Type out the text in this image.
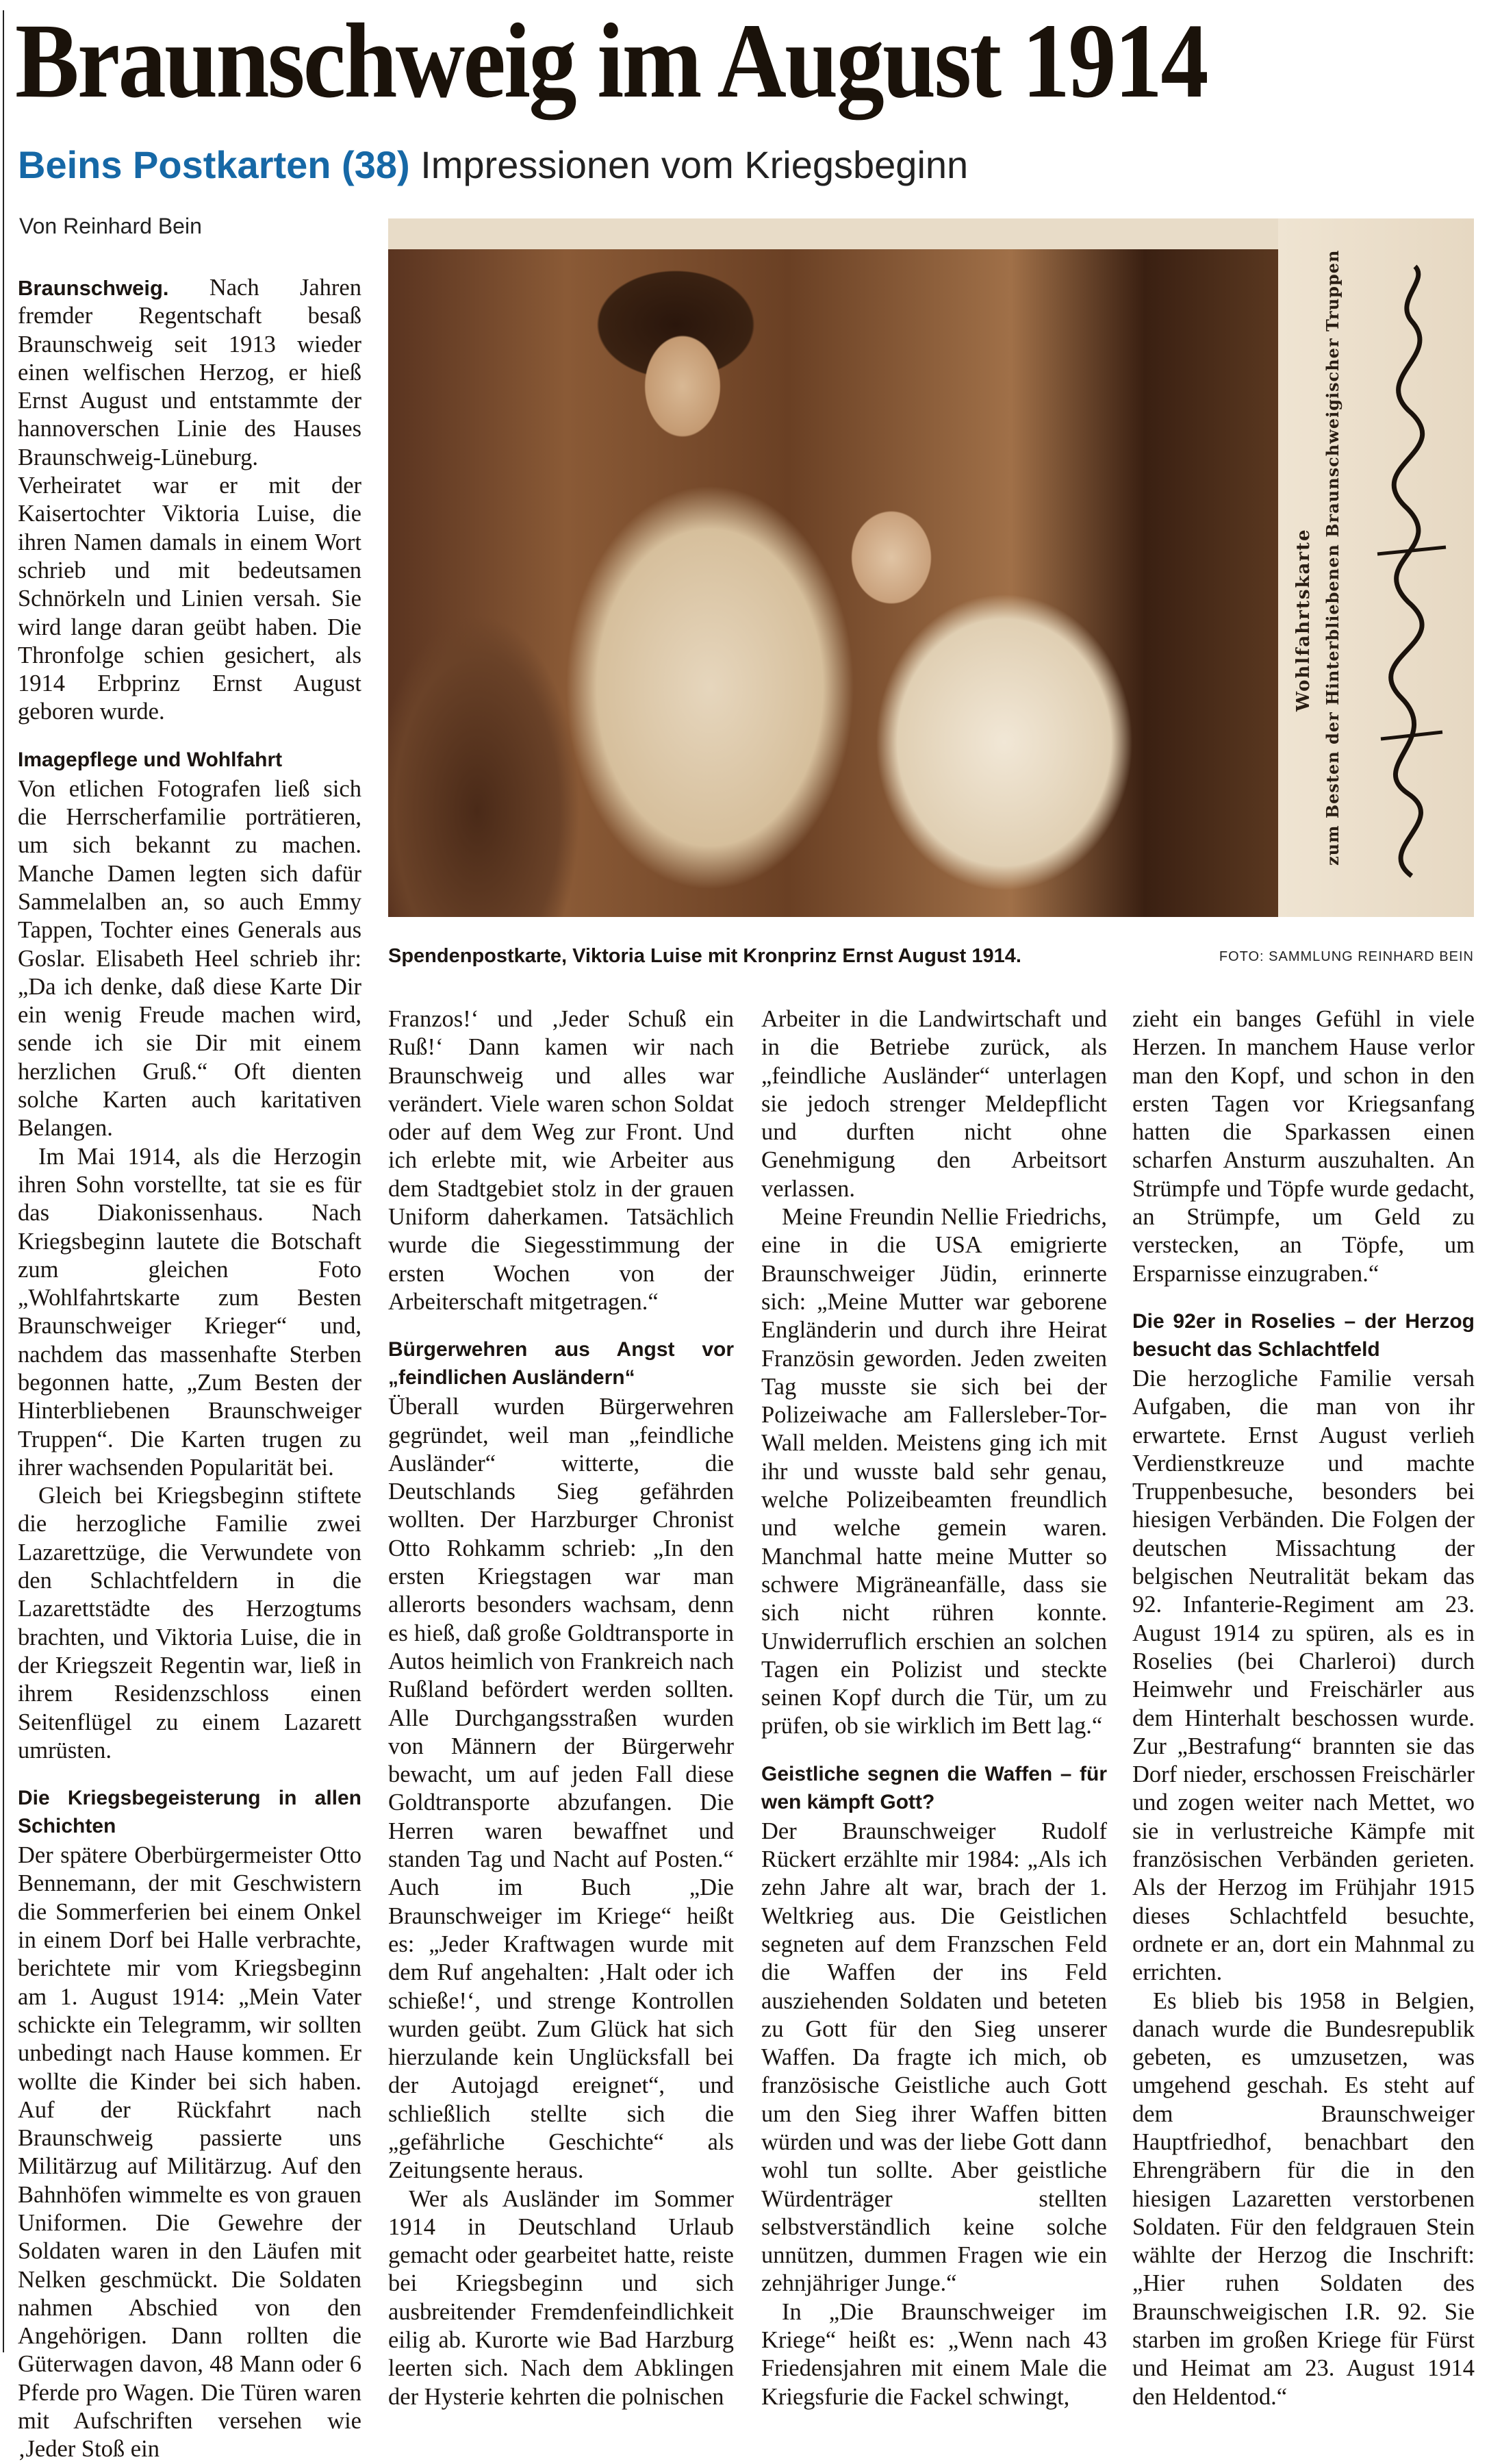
Braunschweig im August 1914
Beins Postkarten (38) Impressionen vom Kriegsbeginn
Von Reinhard Bein
Wohlfahrtskarte zum Besten der Hinterbliebenen Braunschweigischer Truppen
Spendenpostkarte, Viktoria Luise mit Kronprinz Ernst August 1914.	FOTO: SAMMLUNG REINHARD BEIN

Braunschweig. Nach Jahren fremder Regentschaft besaß Braunschweig seit 1913 wieder einen welfischen Herzog, er hieß Ernst August und entstammte der hannoverschen Linie des Hauses Braunschweig-Lüneburg. Verheiratet war er mit der Kaisertochter Viktoria Luise, die ihren Namen damals in einem Wort schrieb und mit bedeutsamen Schnörkeln und Linien versah. Sie wird lange daran geübt haben. Die Thronfolge schien gesichert, als 1914 Erbprinz Ernst August geboren wurde.

Imagepflege und Wohlfahrt

Von etlichen Fotografen ließ sich die Herrscherfamilie porträtieren, um sich bekannt zu machen. Manche Damen legten sich dafür Sammelalben an, so auch Emmy Tappen, Tochter eines Generals aus Goslar. Elisabeth Heel schrieb ihr: „Da ich denke, daß diese Karte Dir ein wenig Freude machen wird, sende ich sie Dir mit einem herzlichen Gruß.“ Oft dienten solche Karten auch karitativen Belangen.

Im Mai 1914, als die Herzogin ihren Sohn vorstellte, tat sie es für das Diakonissenhaus. Nach Kriegsbeginn lautete die Botschaft zum gleichen Foto „Wohlfahrtskarte zum Besten Braunschweiger Krieger“ und, nachdem das massenhafte Sterben begonnen hatte, „Zum Besten der Hinterbliebenen Braunschweiger Truppen“. Die Karten trugen zu ihrer wachsenden Popularität bei.

Gleich bei Kriegsbeginn stiftete die herzogliche Familie zwei Lazarettzüge, die Verwundete von den Schlachtfeldern in die Lazarettstädte des Herzogtums brachten, und Viktoria Luise, die in der Kriegszeit Regentin war, ließ in ihrem Residenzschloss einen Seitenflügel zu einem Lazarett umrüsten.

Die Kriegsbegeisterung in allen Schichten

Der spätere Oberbürgermeister Otto Bennemann, der mit Geschwistern die Sommerferien bei einem Onkel in einem Dorf bei Halle verbrachte, berichtete mir vom Kriegsbeginn am 1. August 1914: „Mein Vater schickte ein Telegramm, wir sollten unbedingt nach Hause kommen. Er wollte die Kinder bei sich haben. Auf der Rückfahrt nach Braunschweig passierte uns Militärzug auf Militärzug. Auf den Bahnhöfen wimmelte es von grauen Uniformen. Die Gewehre der Soldaten waren in den Läufen mit Nelken geschmückt. Die Soldaten nahmen Abschied von den Angehörigen. Dann rollten die Güterwagen davon, 48 Mann oder 6 Pferde pro Wagen. Die Türen waren mit Aufschriften versehen wie ‚Jeder Stoß ein

Franzos!‘ und ‚Jeder Schuß ein Ruß!‘ Dann kamen wir nach Braunschweig und alles war verändert. Viele waren schon Soldat oder auf dem Weg zur Front. Und ich erlebte mit, wie Arbeiter aus dem Stadtgebiet stolz in der grauen Uniform daherkamen. Tatsächlich wurde die Siegesstimmung der ersten Wochen von der Arbeiterschaft mitgetragen.“

Bürgerwehren aus Angst vor „feindlichen Ausländern“

Überall wurden Bürgerwehren gegründet, weil man „feindliche Ausländer“ witterte, die Deutschlands Sieg gefährden wollten. Der Harzburger Chronist Otto Rohkamm schrieb: „In den ersten Kriegstagen war man allerorts besonders wachsam, denn es hieß, daß große Goldtransporte in Autos heimlich von Frankreich nach Rußland befördert werden sollten. Alle Durchgangsstraßen wurden von Männern der Bürgerwehr bewacht, um auf jeden Fall diese Goldtransporte abzufangen. Die Herren waren bewaffnet und standen Tag und Nacht auf Posten.“ Auch im Buch „Die Braunschweiger im Kriege“ heißt es: „Jeder Kraftwagen wurde mit dem Ruf angehalten: ‚Halt oder ich schieße!‘, und strenge Kontrollen wurden geübt. Zum Glück hat sich hierzulande kein Unglücksfall bei der Autojagd ereignet“, und schließlich stellte sich die „gefährliche Geschichte“ als Zeitungsente heraus.

Wer als Ausländer im Sommer 1914 in Deutschland Urlaub gemacht oder gearbeitet hatte, reiste bei Kriegsbeginn und sich ausbreitender Fremdenfeindlichkeit eilig ab. Kurorte wie Bad Harzburg leerten sich. Nach dem Abklingen der Hysterie kehrten die polnischen

Arbeiter in die Landwirtschaft und in die Betriebe zurück, als „feindliche Ausländer“ unterlagen sie jedoch strenger Meldepflicht und durften nicht ohne Genehmigung den Arbeitsort verlassen.

Meine Freundin Nellie Friedrichs, eine in die USA emigrierte Braunschweiger Jüdin, erinnerte sich: „Meine Mutter war geborene Engländerin und durch ihre Heirat Französin geworden. Jeden zweiten Tag musste sie sich bei der Polizeiwache am Fallersleber-Tor-Wall melden. Meistens ging ich mit ihr und wusste bald sehr genau, welche Polizeibeamten freundlich und welche gemein waren. Manchmal hatte meine Mutter so schwere Migräneanfälle, dass sie sich nicht rühren konnte. Unwiderruflich erschien an solchen Tagen ein Polizist und steckte seinen Kopf durch die Tür, um zu prüfen, ob sie wirklich im Bett lag.“

Geistliche segnen die Waffen – für wen kämpft Gott?

Der Braunschweiger Rudolf Rückert erzählte mir 1984: „Als ich zehn Jahre alt war, brach der 1. Weltkrieg aus. Die Geistlichen segneten auf dem Franzschen Feld die Waffen der ins Feld ausziehenden Soldaten und beteten zu Gott für den Sieg unserer Waffen. Da fragte ich mich, ob französische Geistliche auch Gott um den Sieg ihrer Waffen bitten würden und was der liebe Gott dann wohl tun sollte. Aber geistliche Würdenträger stellten selbstverständlich keine solche unnützen, dummen Fragen wie ein zehnjähriger Junge.“

In „Die Braunschweiger im Kriege“ heißt es: „Wenn nach 43 Friedensjahren mit einem Male die Kriegsfurie die Fackel schwingt,

zieht ein banges Gefühl in viele Herzen. In manchem Hause verlor man den Kopf, und schon in den ersten Tagen vor Kriegsanfang hatten die Sparkassen einen scharfen Ansturm auszuhalten. An Strümpfe und Töpfe wurde gedacht, an Strümpfe, um Geld zu verstecken, an Töpfe, um Ersparnisse einzugraben.“

Die 92er in Roselies – der Herzog besucht das Schlachtfeld

Die herzogliche Familie versah Aufgaben, die man von ihr erwartete. Ernst August verlieh Verdienstkreuze und machte Truppenbesuche, besonders bei hiesigen Verbänden. Die Folgen der deutschen Missachtung der belgischen Neutralität bekam das 92. Infanterie-Regiment am 23. August 1914 zu spüren, als es in Roselies (bei Charleroi) durch Heimwehr und Freischärler aus dem Hinterhalt beschossen wurde. Zur „Bestrafung“ brannten sie das Dorf nieder, erschossen Freischärler und zogen weiter nach Mettet, wo sie in verlustreiche Kämpfe mit französischen Verbänden gerieten. Als der Herzog im Frühjahr 1915 dieses Schlachtfeld besuchte, ordnete er an, dort ein Mahnmal zu errichten.

Es blieb bis 1958 in Belgien, danach wurde die Bundesrepublik gebeten, es umzusetzen, was umgehend geschah. Es steht auf dem Braunschweiger Hauptfriedhof, benachbart den Ehrengräbern für die in den hiesigen Lazaretten verstorbenen Soldaten. Für den feldgrauen Stein wählte der Herzog die Inschrift: „Hier ruhen Soldaten des Braunschweigischen I.R. 92. Sie starben im großen Kriege für Fürst und Heimat am 23. August 1914 den Heldentod.“
